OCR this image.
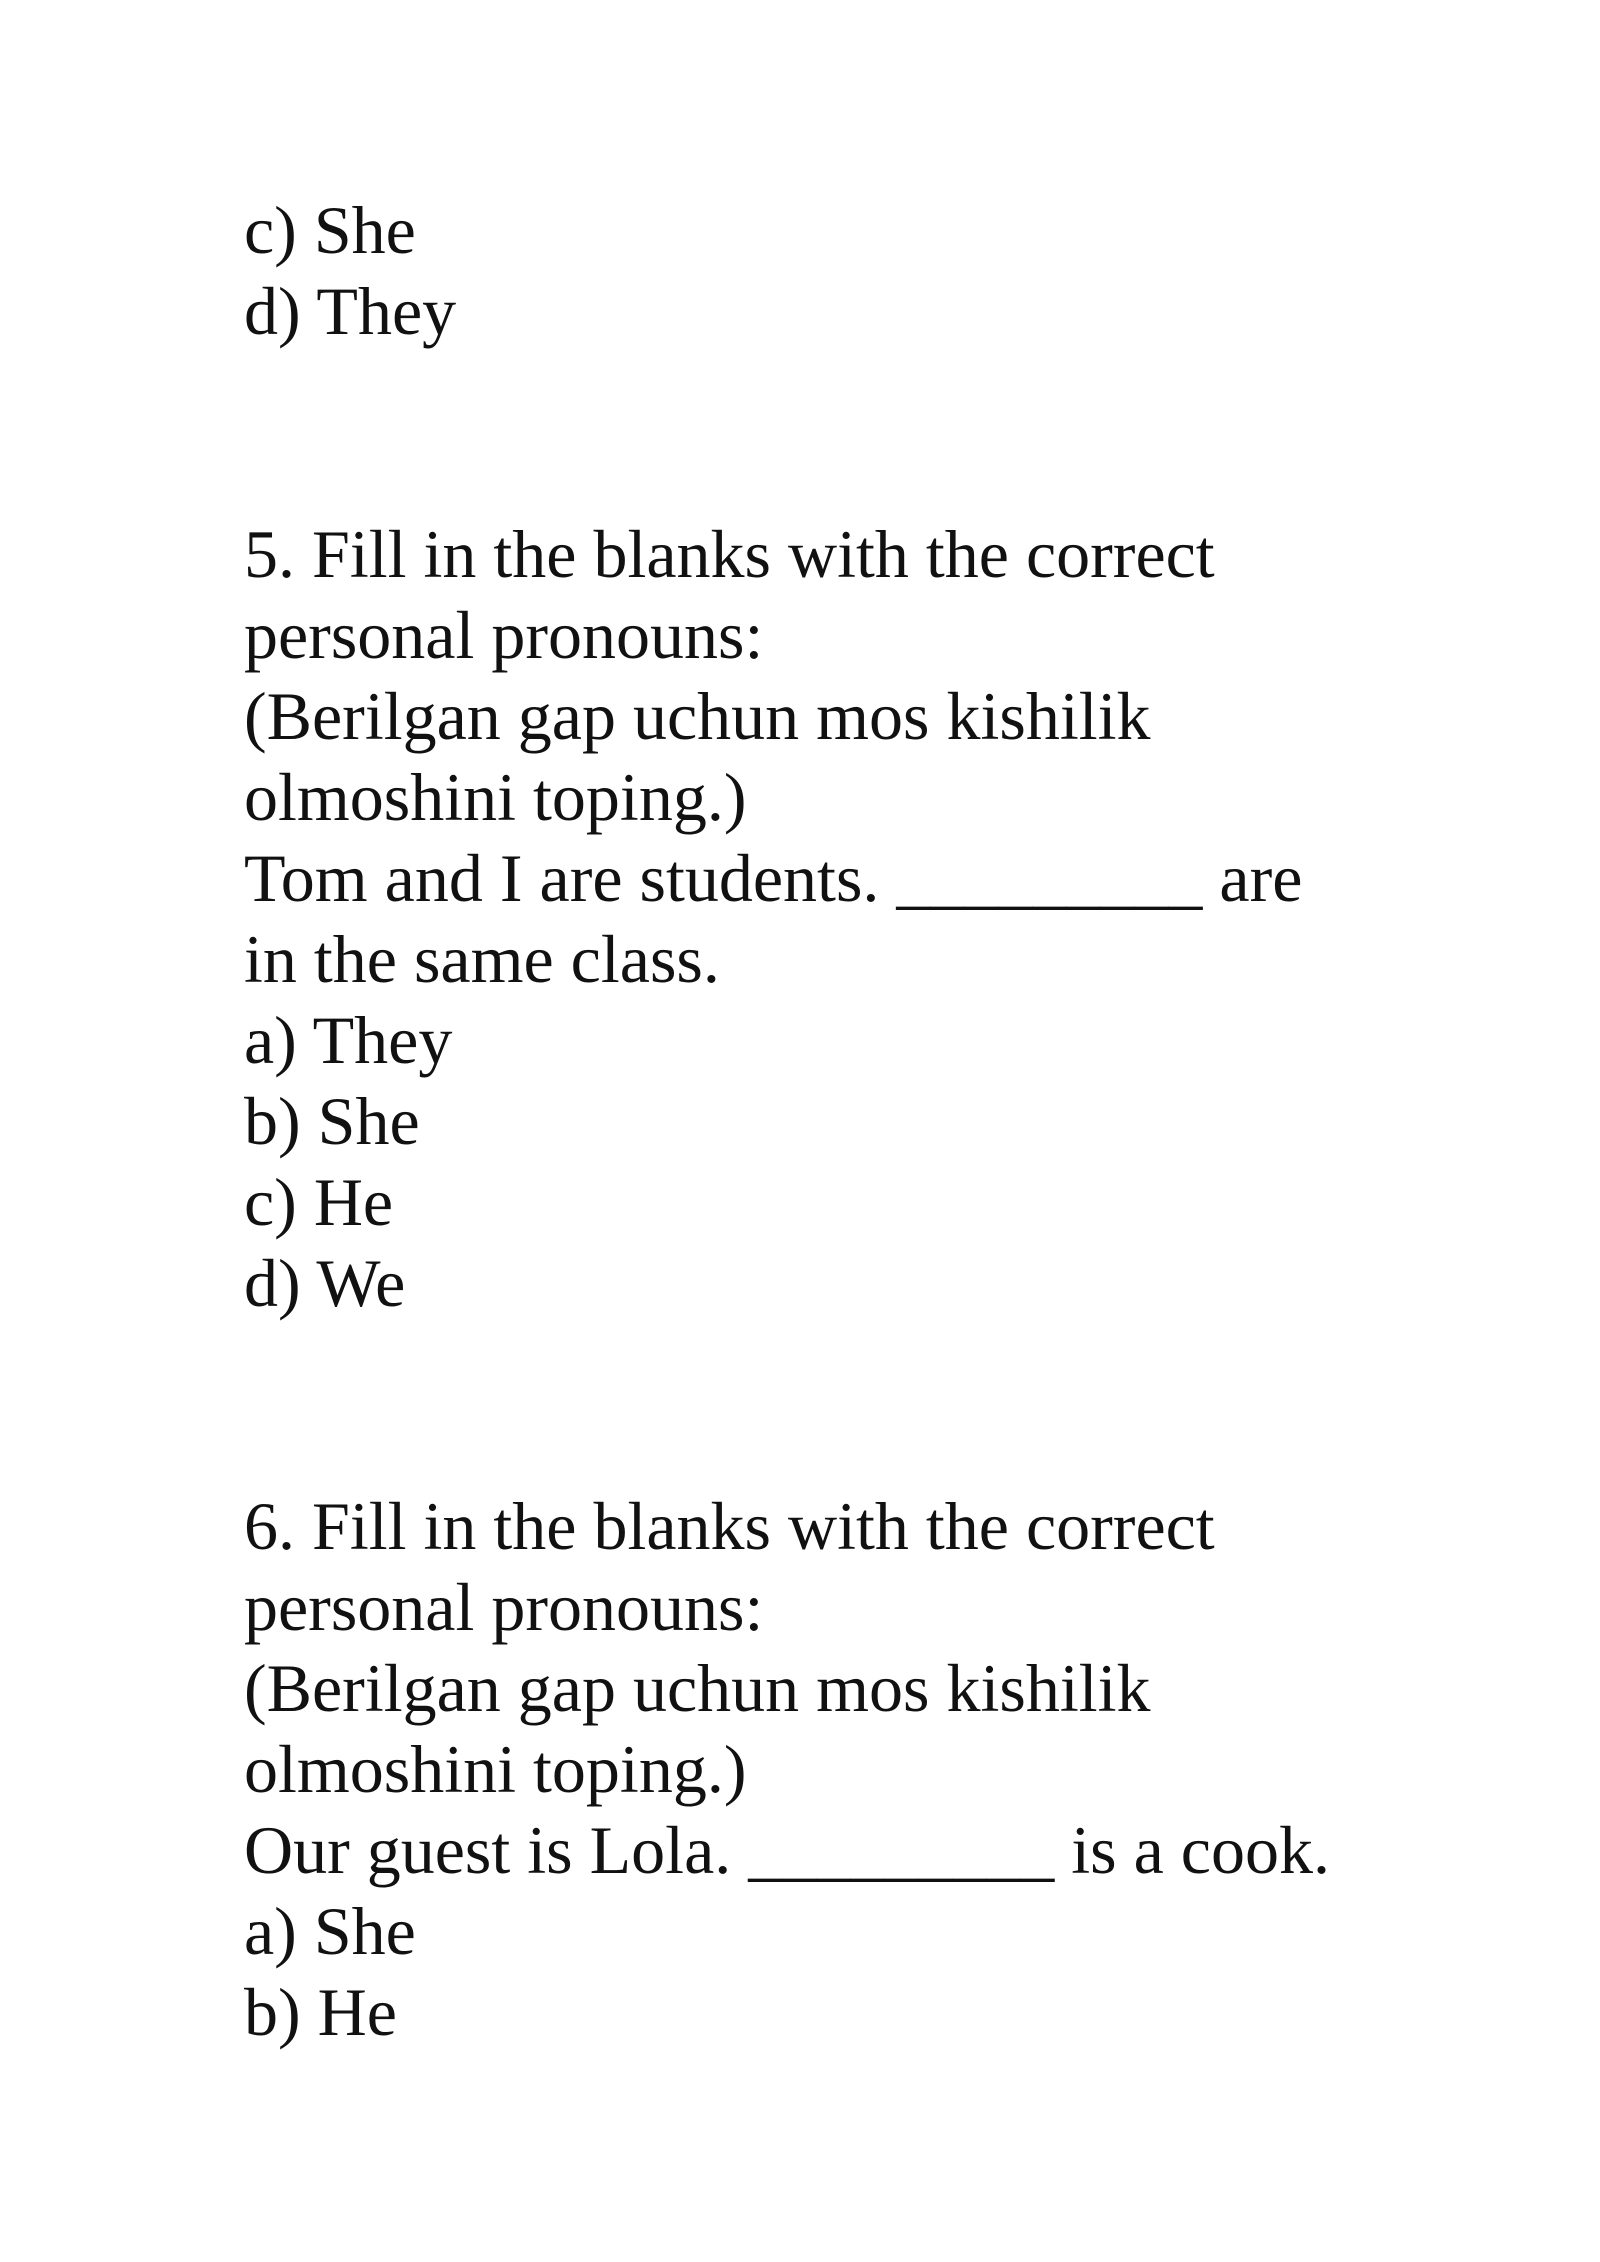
c) She
d) They
5. Fill in the blanks with the correct
personal pronouns:
(Berilgan gap uchun mos kishilik
olmoshini toping.)
Tom and I are students. _________ are
in the same class.
a) They
b) She
c) He
d) We
6. Fill in the blanks with the correct
personal pronouns:
(Berilgan gap uchun mos kishilik
olmoshini toping.)
Our guest is Lola. _________ is a cook.
a) She
b) He
